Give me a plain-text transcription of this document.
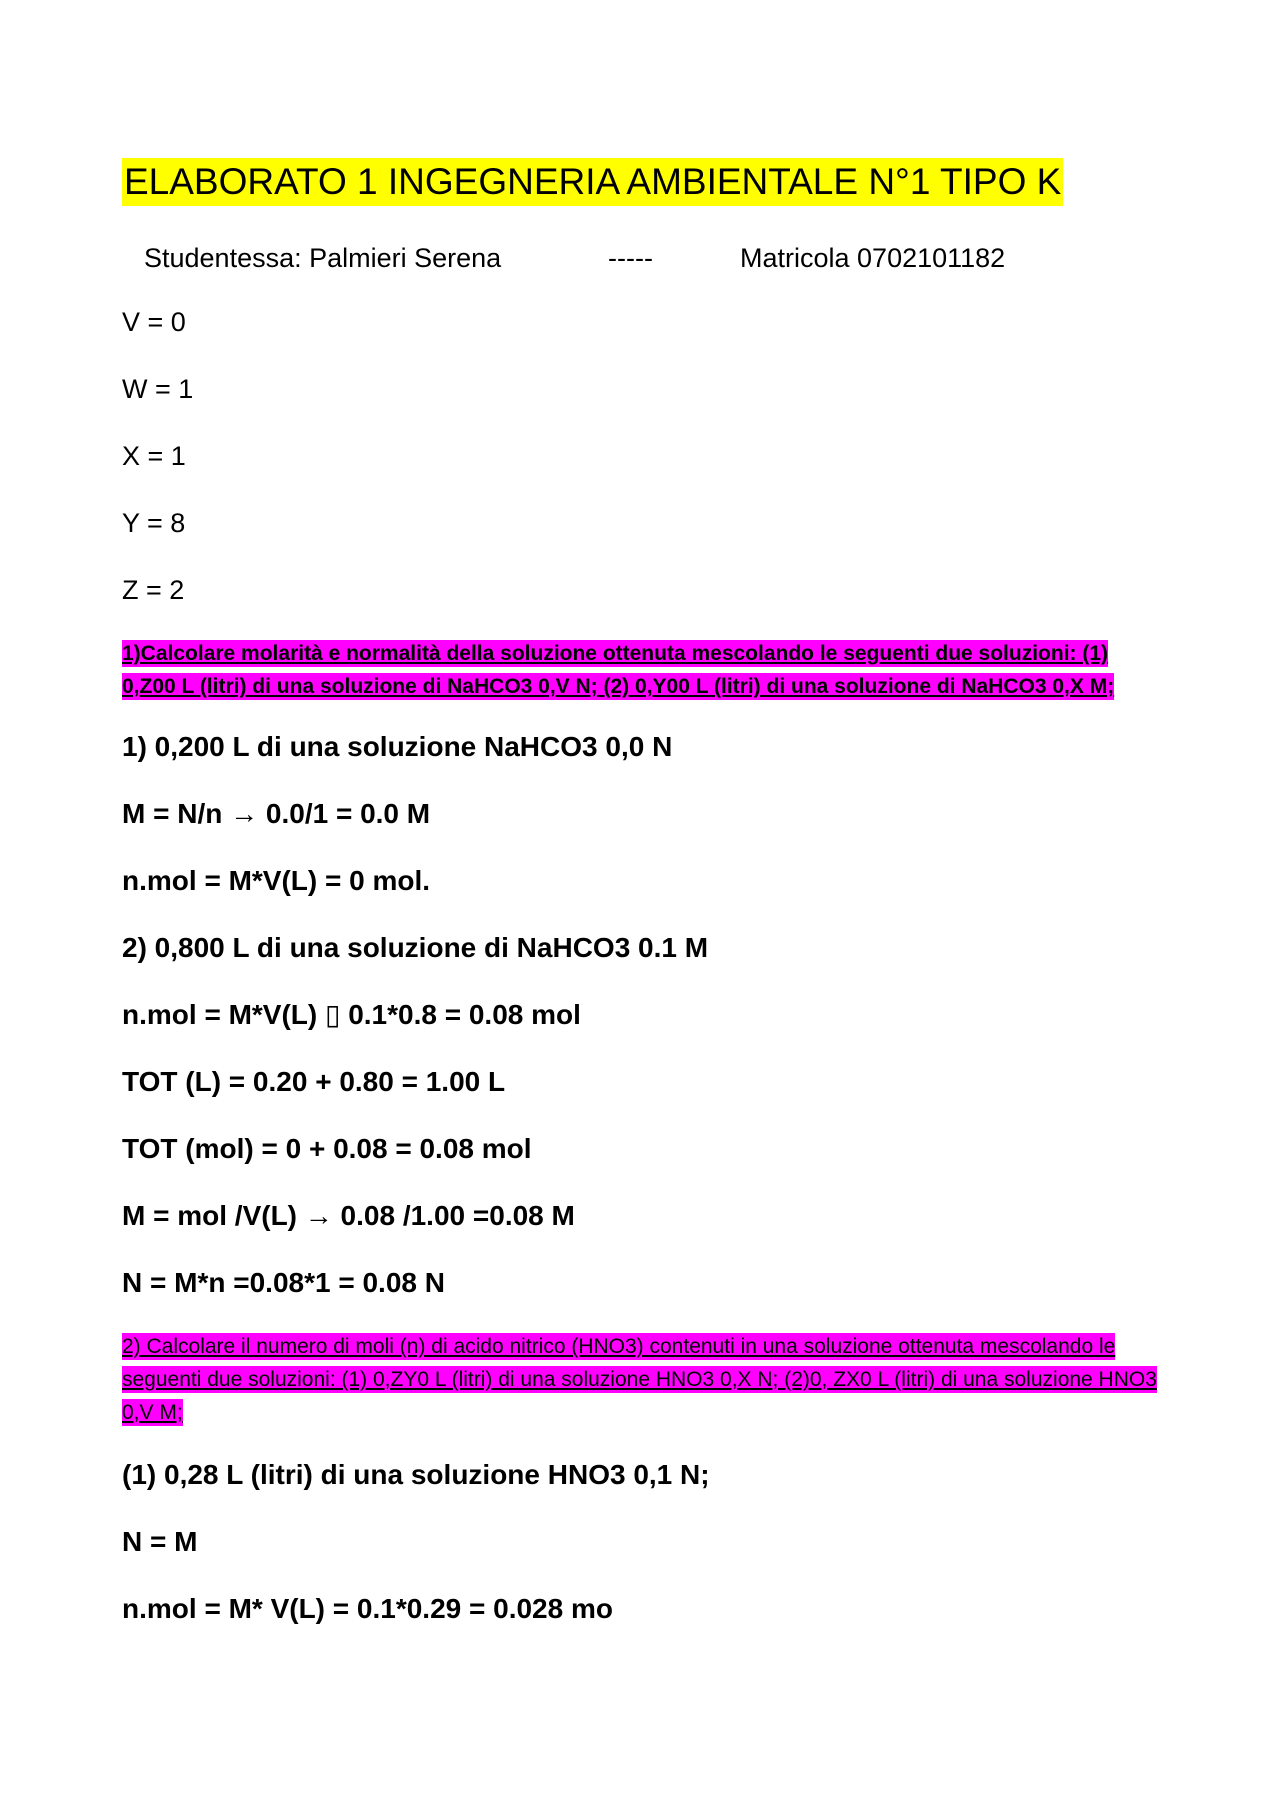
ELABORATO 1 INGEGNERIA AMBIENTALE N°1 TIPO K
Studentessa: Palmieri Serena	-----	Matricola 0702101182
V = 0
W = 1
X = 1
Y = 8
Z = 2
1)Calcolare molarità e normalità della soluzione ottenuta mescolando le seguenti due soluzioni: (1) 0,Z00 L (litri) di una soluzione di NaHCO3 0,V N; (2) 0,Y00 L (litri) di una soluzione di NaHCO3 0,X M;
1) 0,200 L di una soluzione NaHCO3 0,0 N
M = N/n → 0.0/1 = 0.0 M
n.mol = M*V(L) = 0 mol.
2) 0,800 L di una soluzione di NaHCO3 0.1 M
n.mol = M*V(L) ▯ 0.1*0.8 = 0.08 mol
TOT (L) = 0.20 + 0.80 = 1.00 L
TOT (mol) = 0 + 0.08 = 0.08 mol
M = mol /V(L) → 0.08 /1.00 =0.08 M
N = M*n =0.08*1 = 0.08 N
2) Calcolare il numero di moli (n) di acido nitrico (HNO3) contenuti in una soluzione ottenuta mescolando le seguenti due soluzioni: (1) 0,ZY0 L (litri) di una soluzione HNO3 0,X N; (2)0, ZX0 L (litri) di una soluzione HNO3 0,V M;
(1) 0,28 L (litri) di una soluzione HNO3 0,1 N;
N = M
n.mol = M* V(L) = 0.1*0.29 = 0.028 mo
